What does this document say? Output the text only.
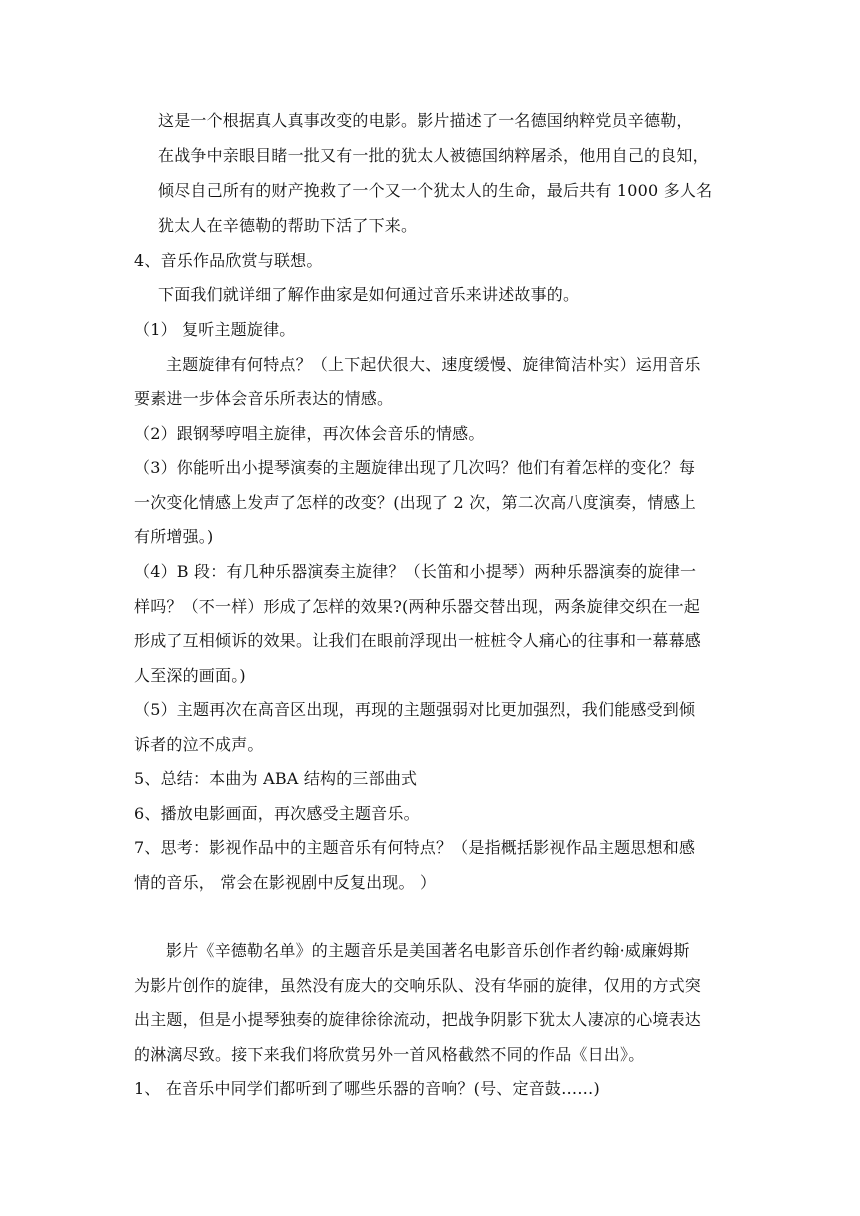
这是一个根据真人真事改变的电影。影片描述了一名德国纳粹党员辛德勒，
在战争中亲眼目睹一批又有一批的犹太人被德国纳粹屠杀，他用自己的良知，
倾尽自己所有的财产挽救了一个又一个犹太人的生命，最后共有 1000 多人名
犹太人在辛德勒的帮助下活了下来。
4、音乐作品欣赏与联想。
下面我们就详细了解作曲家是如何通过音乐来讲述故事的。
（1） 复听主题旋律。
主题旋律有何特点？（上下起伏很大、速度缓慢、旋律简洁朴实）运用音乐
要素进一步体会音乐所表达的情感。
（2）跟钢琴哼唱主旋律，再次体会音乐的情感。
（3）你能听出小提琴演奏的主题旋律出现了几次吗？他们有着怎样的变化？每
一次变化情感上发声了怎样的改变？(出现了 2 次，第二次高八度演奏，情感上
有所增强。)
（4）B 段：有几种乐器演奏主旋律？（长笛和小提琴）两种乐器演奏的旋律一
样吗？（不一样）形成了怎样的效果?(两种乐器交替出现，两条旋律交织在一起
形成了互相倾诉的效果。让我们在眼前浮现出一桩桩令人痛心的往事和一幕幕感
人至深的画面。)
（5）主题再次在高音区出现，再现的主题强弱对比更加强烈，我们能感受到倾
诉者的泣不成声。
5、总结：本曲为 ABA 结构的三部曲式
6、播放电影画面，再次感受主题音乐。
7、思考：影视作品中的主题音乐有何特点？（是指概括影视作品主题思想和感
情的音乐， 常会在影视剧中反复出现。 ）
影片《辛德勒名单》的主题音乐是美国著名电影音乐创作者约翰·威廉姆斯
为影片创作的旋律，虽然没有庞大的交响乐队、没有华丽的旋律，仅用的方式突
出主题，但是小提琴独奏的旋律徐徐流动，把战争阴影下犹太人凄凉的心境表达
的淋漓尽致。接下来我们将欣赏另外一首风格截然不同的作品《日出》。
1、 在音乐中同学们都听到了哪些乐器的音响？(号、定音鼓……)
